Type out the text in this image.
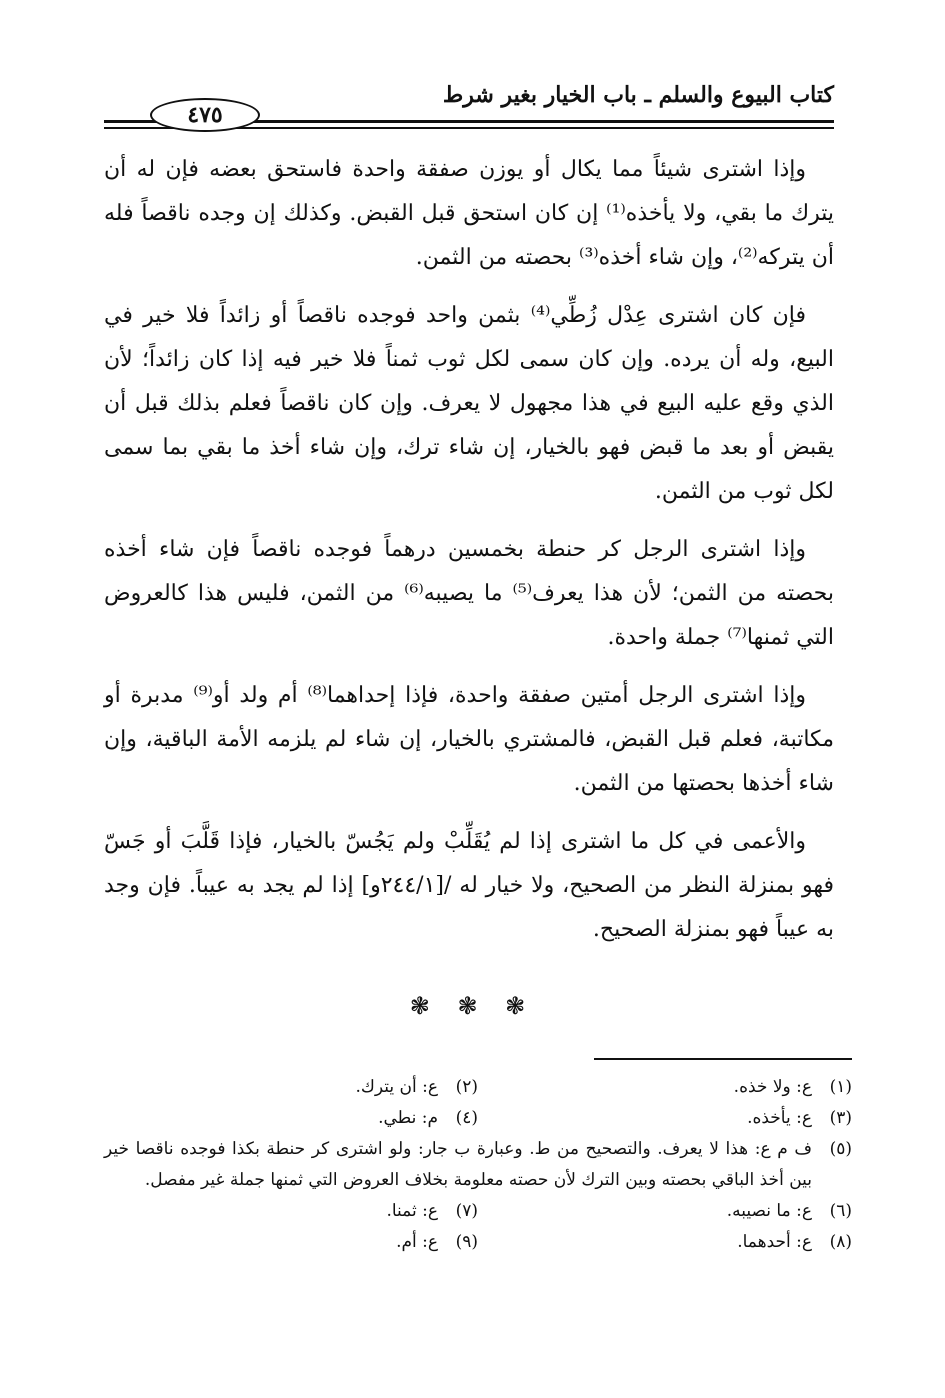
كتاب البيوع والسلم ـ باب الخيار بغير شرط
٤٧٥

وإذا اشترى شيئاً مما يكال أو يوزن صفقة واحدة فاستحق بعضه فإن له أن يترك ما بقي، ولا يأخذه⁽¹⁾ إن كان استحق قبل القبض. وكذلك إن وجده ناقصاً فله أن يتركه⁽²⁾، وإن شاء أخذه⁽³⁾ بحصته من الثمن.

فإن كان اشترى عِدْل زُطِّي⁽⁴⁾ بثمن واحد فوجده ناقصاً أو زائداً فلا خير في البيع، وله أن يرده. وإن كان سمى لكل ثوب ثمناً فلا خير فيه إذا كان زائداً؛ لأن الذي وقع عليه البيع في هذا مجهول لا يعرف. وإن كان ناقصاً فعلم بذلك قبل أن يقبض أو بعد ما قبض فهو بالخيار، إن شاء ترك، وإن شاء أخذ ما بقي بما سمى لكل ثوب من الثمن.

وإذا اشترى الرجل كر حنطة بخمسين درهماً فوجده ناقصاً فإن شاء أخذه بحصته من الثمن؛ لأن هذا يعرف⁽⁵⁾ ما يصيبه⁽⁶⁾ من الثمن، فليس هذا كالعروض التي ثمنها⁽⁷⁾ جملة واحدة.

وإذا اشترى الرجل أمتين صفقة واحدة، فإذا إحداهما⁽⁸⁾ أم ولد أو⁽⁹⁾ مدبرة أو مكاتبة، فعلم قبل القبض، فالمشتري بالخيار، إن شاء لم يلزمه الأمة الباقية، وإن شاء أخذها بحصتها من الثمن.

والأعمى في كل ما اشترى إذا لم يُقَلِّبْ ولم يَجُسّ بالخيار، فإذا قَلَّبَ أو جَسّ فهو بمنزلة النظر من الصحيح، ولا خيار له /[٢٤٤/١و] إذا لم يجد به عيباً. فإن وجد به عيباً فهو بمنزلة الصحيح.

❃ ❃ ❃
(١)
ع: ولا خذه.
(٢)
ع: أن يترك.
(٣)
ع: يأخذه.
(٤)
م: نطي.
(٥)
ف م ع: هذا لا يعرف. والتصحيح من ط. وعبارة ب جار: ولو اشترى كر حنطة بكذا فوجده ناقصا خير بين أخذ الباقي بحصته وبين الترك لأن حصته معلومة بخلاف العروض التي ثمنها جملة غير مفصل.
(٦)
ع: ما نصيبه.
(٧)
ع: ثمنا.
(٨)
ع: أحدهما.
(٩)
ع: أم.
